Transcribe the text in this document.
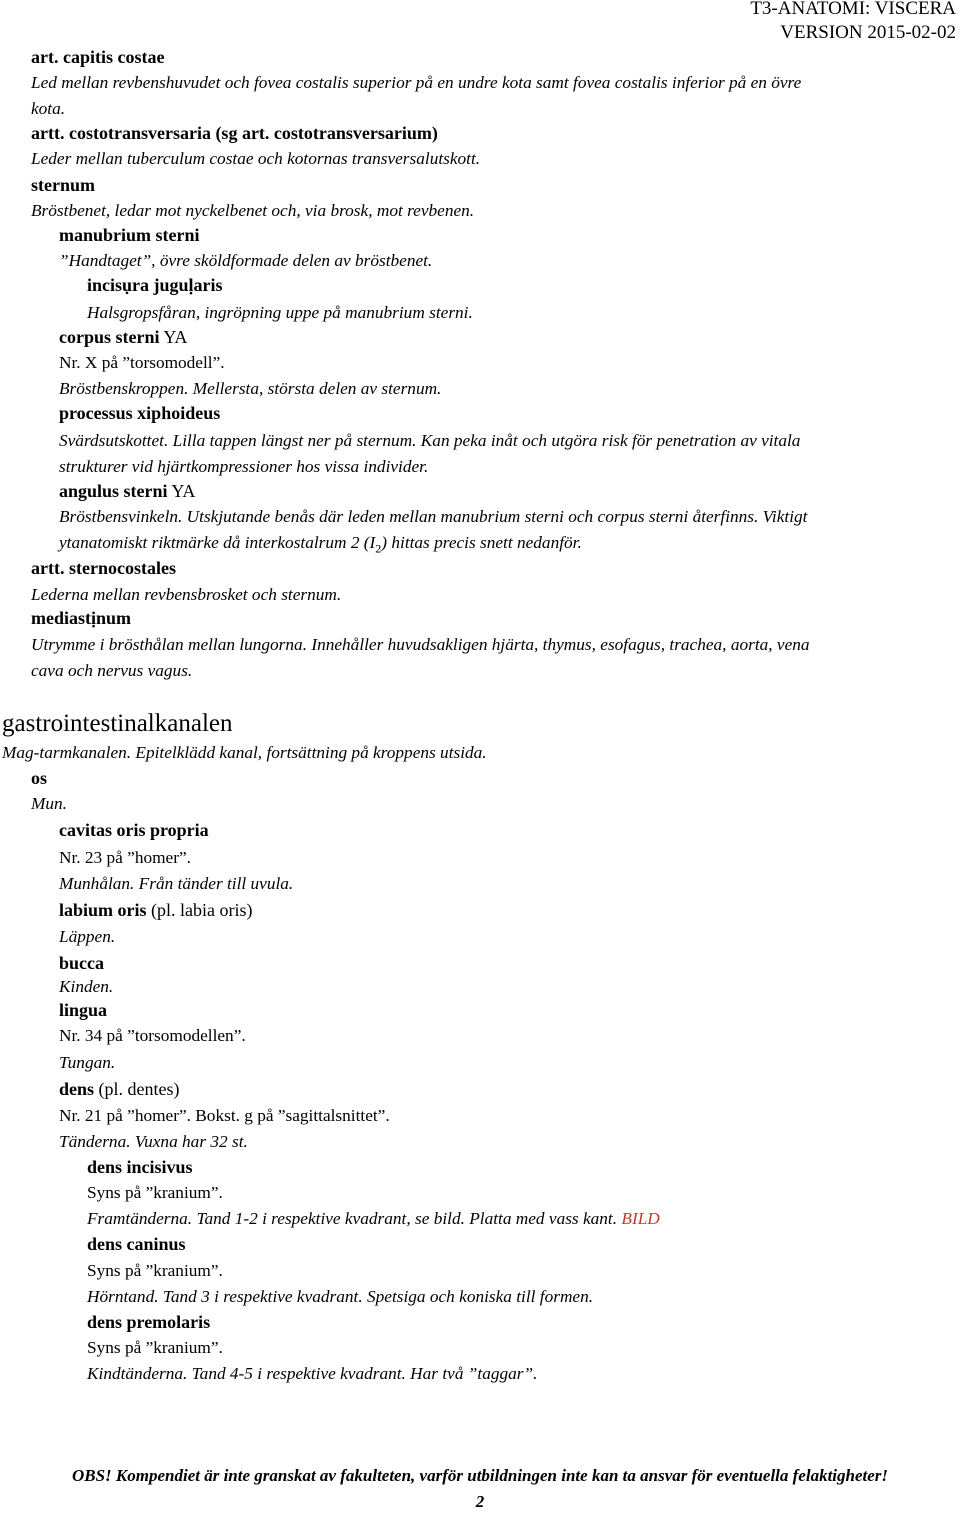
T3-ANATOMI: VISCERA
VERSION 2015-02-02
art. capitis costae
Led mellan revbenshuvudet och fovea costalis superior på en undre kota samt fovea costalis inferior på en övre
kota.
artt. costotransversaria (sg art. costotransversarium)
Leder mellan tuberculum costae och kotornas transversalutskott.
sternum
Bröstbenet, ledar mot nyckelbenet och, via brosk, mot revbenen.
manubrium sterni
”Handtaget”, övre sköldformade delen av bröstbenet.
incisụra juguḷaris
Halsgropsfåran, ingröpning uppe på manubrium sterni.
corpus sterni YA
Nr. X på ”torsomodell”.
Bröstbenskroppen. Mellersta, största delen av sternum.
processus xiphoideus
Svärdsutskottet. Lilla tappen längst ner på sternum. Kan peka inåt och utgöra risk för penetration av vitala
strukturer vid hjärtkompressioner hos vissa individer.
angulus sterni YA
Bröstbensvinkeln. Utskjutande benås där leden mellan manubrium sterni och corpus sterni återfinns. Viktigt
ytanatomiskt riktmärke då interkostalrum 2 $(I_2)$ hittas precis snett nedanför.
artt. sternocostales
Lederna mellan revbensbrosket och sternum.
mediastịnum
Utrymme i brösthålan mellan lungorna. Innehåller huvudsakligen hjärta, thymus, esofagus, trachea, aorta, vena
cava och nervus vagus.
gastrointestinalkanalen
Mag-tarmkanalen. Epitelklädd kanal, fortsättning på kroppens utsida.
os
Mun.
cavitas oris propria
Nr. 23 på ”homer”.
Munhålan. Från tänder till uvula.
labium oris (pl. labia oris)
Läppen.
bucca
Kinden.
lingua
Nr. 34 på ”torsomodellen”.
Tungan.
dens (pl. dentes)
Nr. 21 på ”homer”. Bokst. g på ”sagittalsnittet”.
Tänderna. Vuxna har 32 st.
dens incisivus
Syns på ”kranium”.
Framtänderna. Tand 1-2 i respektive kvadrant, se bild. Platta med vass kant. BILD
dens caninus
Syns på ”kranium”.
Hörntand. Tand 3 i respektive kvadrant. Spetsiga och koniska till formen.
dens premolaris
Syns på ”kranium”.
Kindtänderna. Tand 4-5 i respektive kvadrant. Har två ”taggar”.
OBS! Kompendiet är inte granskat av fakulteten, varför utbildningen inte kan ta ansvar för eventuella felaktigheter!
2
